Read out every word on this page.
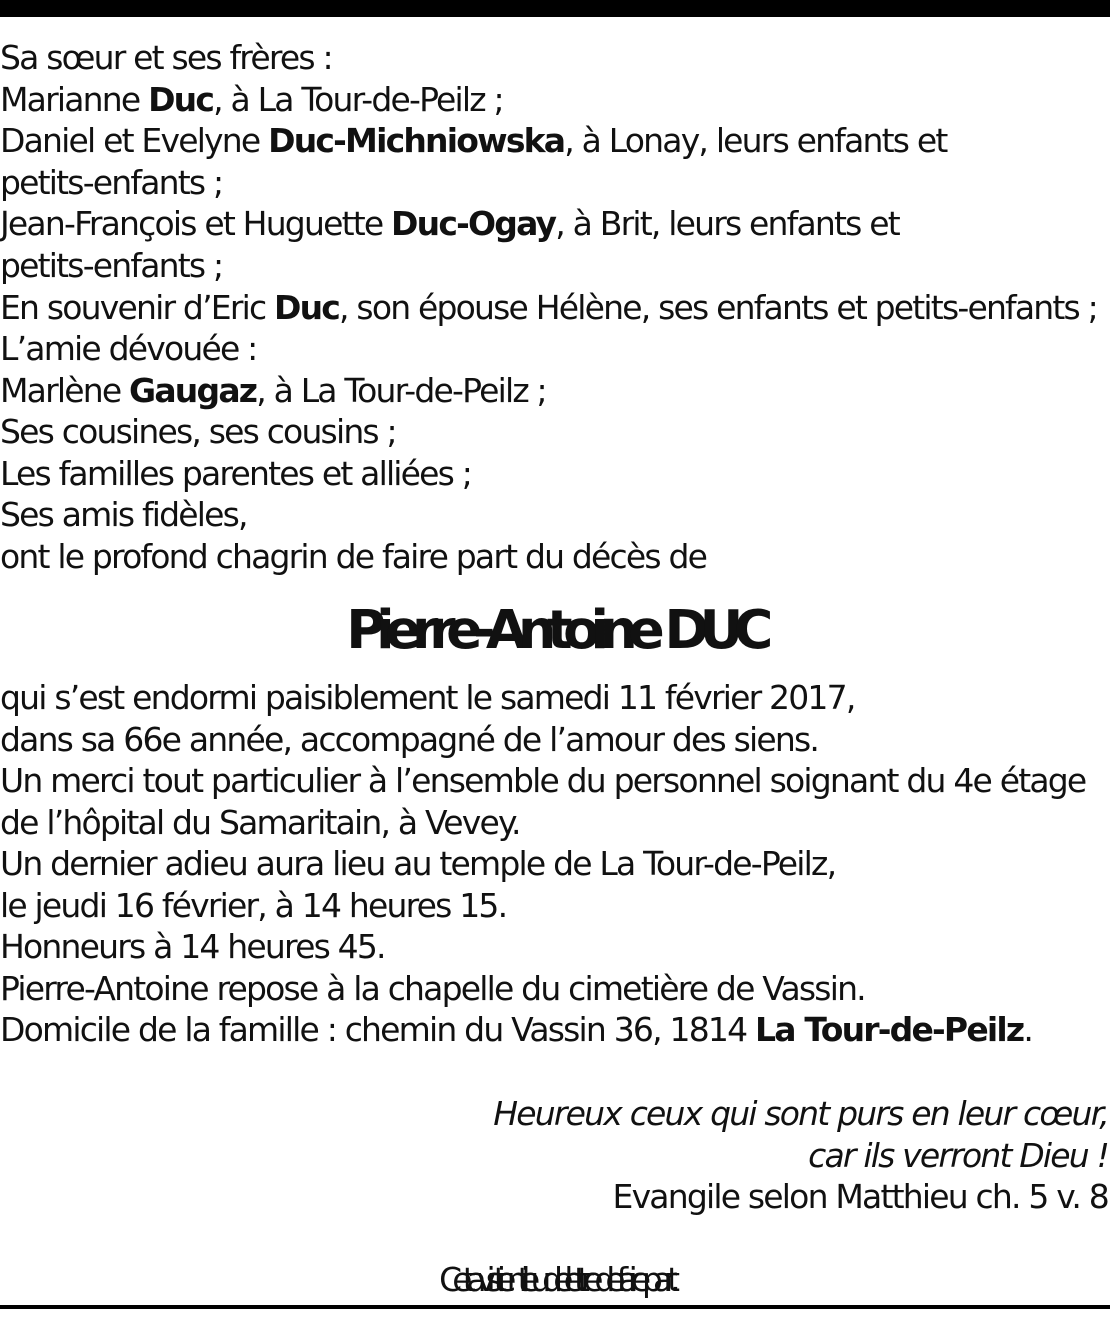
Sa sœur et ses frères :
Marianne Duc, à La Tour-de-Peilz ;
Daniel et Evelyne Duc-Michniowska, à Lonay, leurs enfants et
petits-enfants ;
Jean-François et Huguette Duc-Ogay, à Brit, leurs enfants et
petits-enfants ;
En souvenir d’Eric Duc, son épouse Hélène, ses enfants et petits-enfants ;
L’amie dévouée :
Marlène Gaugaz, à La Tour-de-Peilz ;
Ses cousines, ses cousins ;
Les familles parentes et alliées ;
Ses amis fidèles,
ont le profond chagrin de faire part du décès de
Pierre-Antoine DUC
qui s’est endormi paisiblement le samedi 11 février 2017,
dans sa 66e année, accompagné de l’amour des siens.
Un merci tout particulier à l’ensemble du personnel soignant du 4e étage
de l’hôpital du Samaritain, à Vevey.
Un dernier adieu aura lieu au temple de La Tour-de-Peilz,
le jeudi 16 février, à 14 heures 15.
Honneurs à 14 heures 45.
Pierre-Antoine repose à la chapelle du cimetière de Vassin.
Domicile de la famille : chemin du Vassin 36, 1814 La Tour-de-Peilz.
Heureux ceux qui sont purs en leur cœur,
car ils verront Dieu !
Evangile selon Matthieu ch. 5 v. 8
Cet avis tient lieu de lettre de faire part.
